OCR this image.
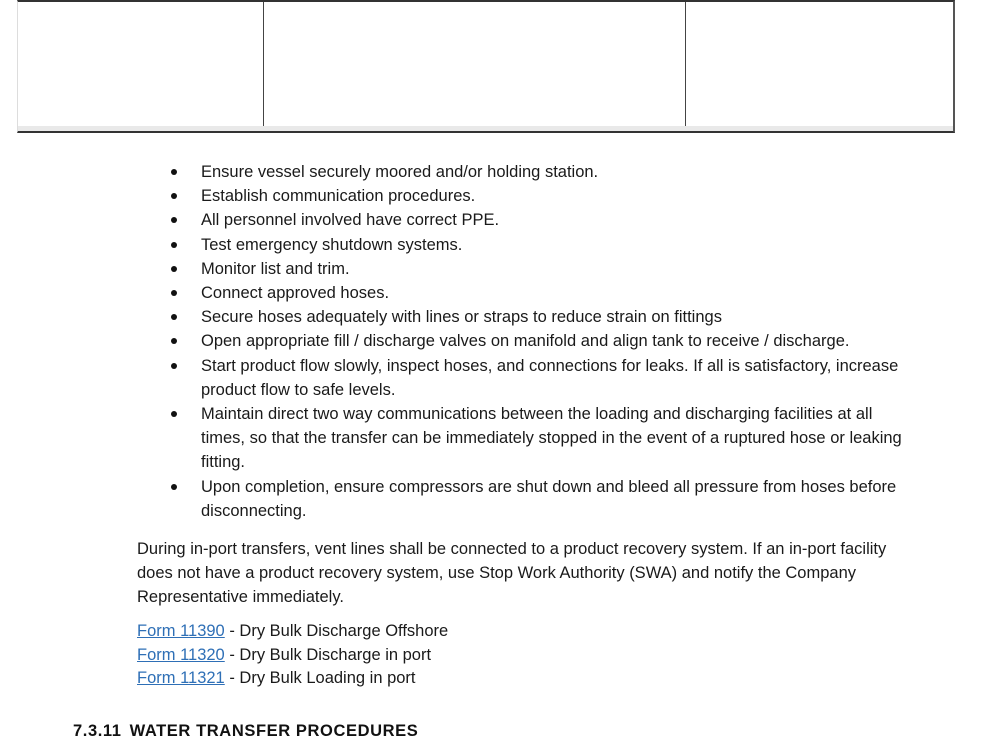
Ensure vessel securely moored and/or holding station.
Establish communication procedures.
All personnel involved have correct PPE.
Test emergency shutdown systems.
Monitor list and trim.
Connect approved hoses.
Secure hoses adequately with lines or straps to reduce strain on fittings
Open appropriate fill / discharge valves on manifold and align tank to receive / discharge.
Start product flow slowly, inspect hoses, and connections for leaks. If all is satisfactory, increase product flow to safe levels.
Maintain direct two way communications between the loading and discharging facilities at all times, so that the transfer can be immediately stopped in the event of a ruptured hose or leaking fitting.
Upon completion, ensure compressors are shut down and bleed all pressure from hoses before disconnecting.

During in-port transfers, vent lines shall be connected to a product recovery system. If an in-port facility does not have a product recovery system, use Stop Work Authority (SWA) and notify the Company Representative immediately.

Form 11390 - Dry Bulk Discharge Offshore
Form 11320 - Dry Bulk Discharge in port
Form 11321 - Dry Bulk Loading in port
7.3.11 WATER TRANSFER PROCEDURES
